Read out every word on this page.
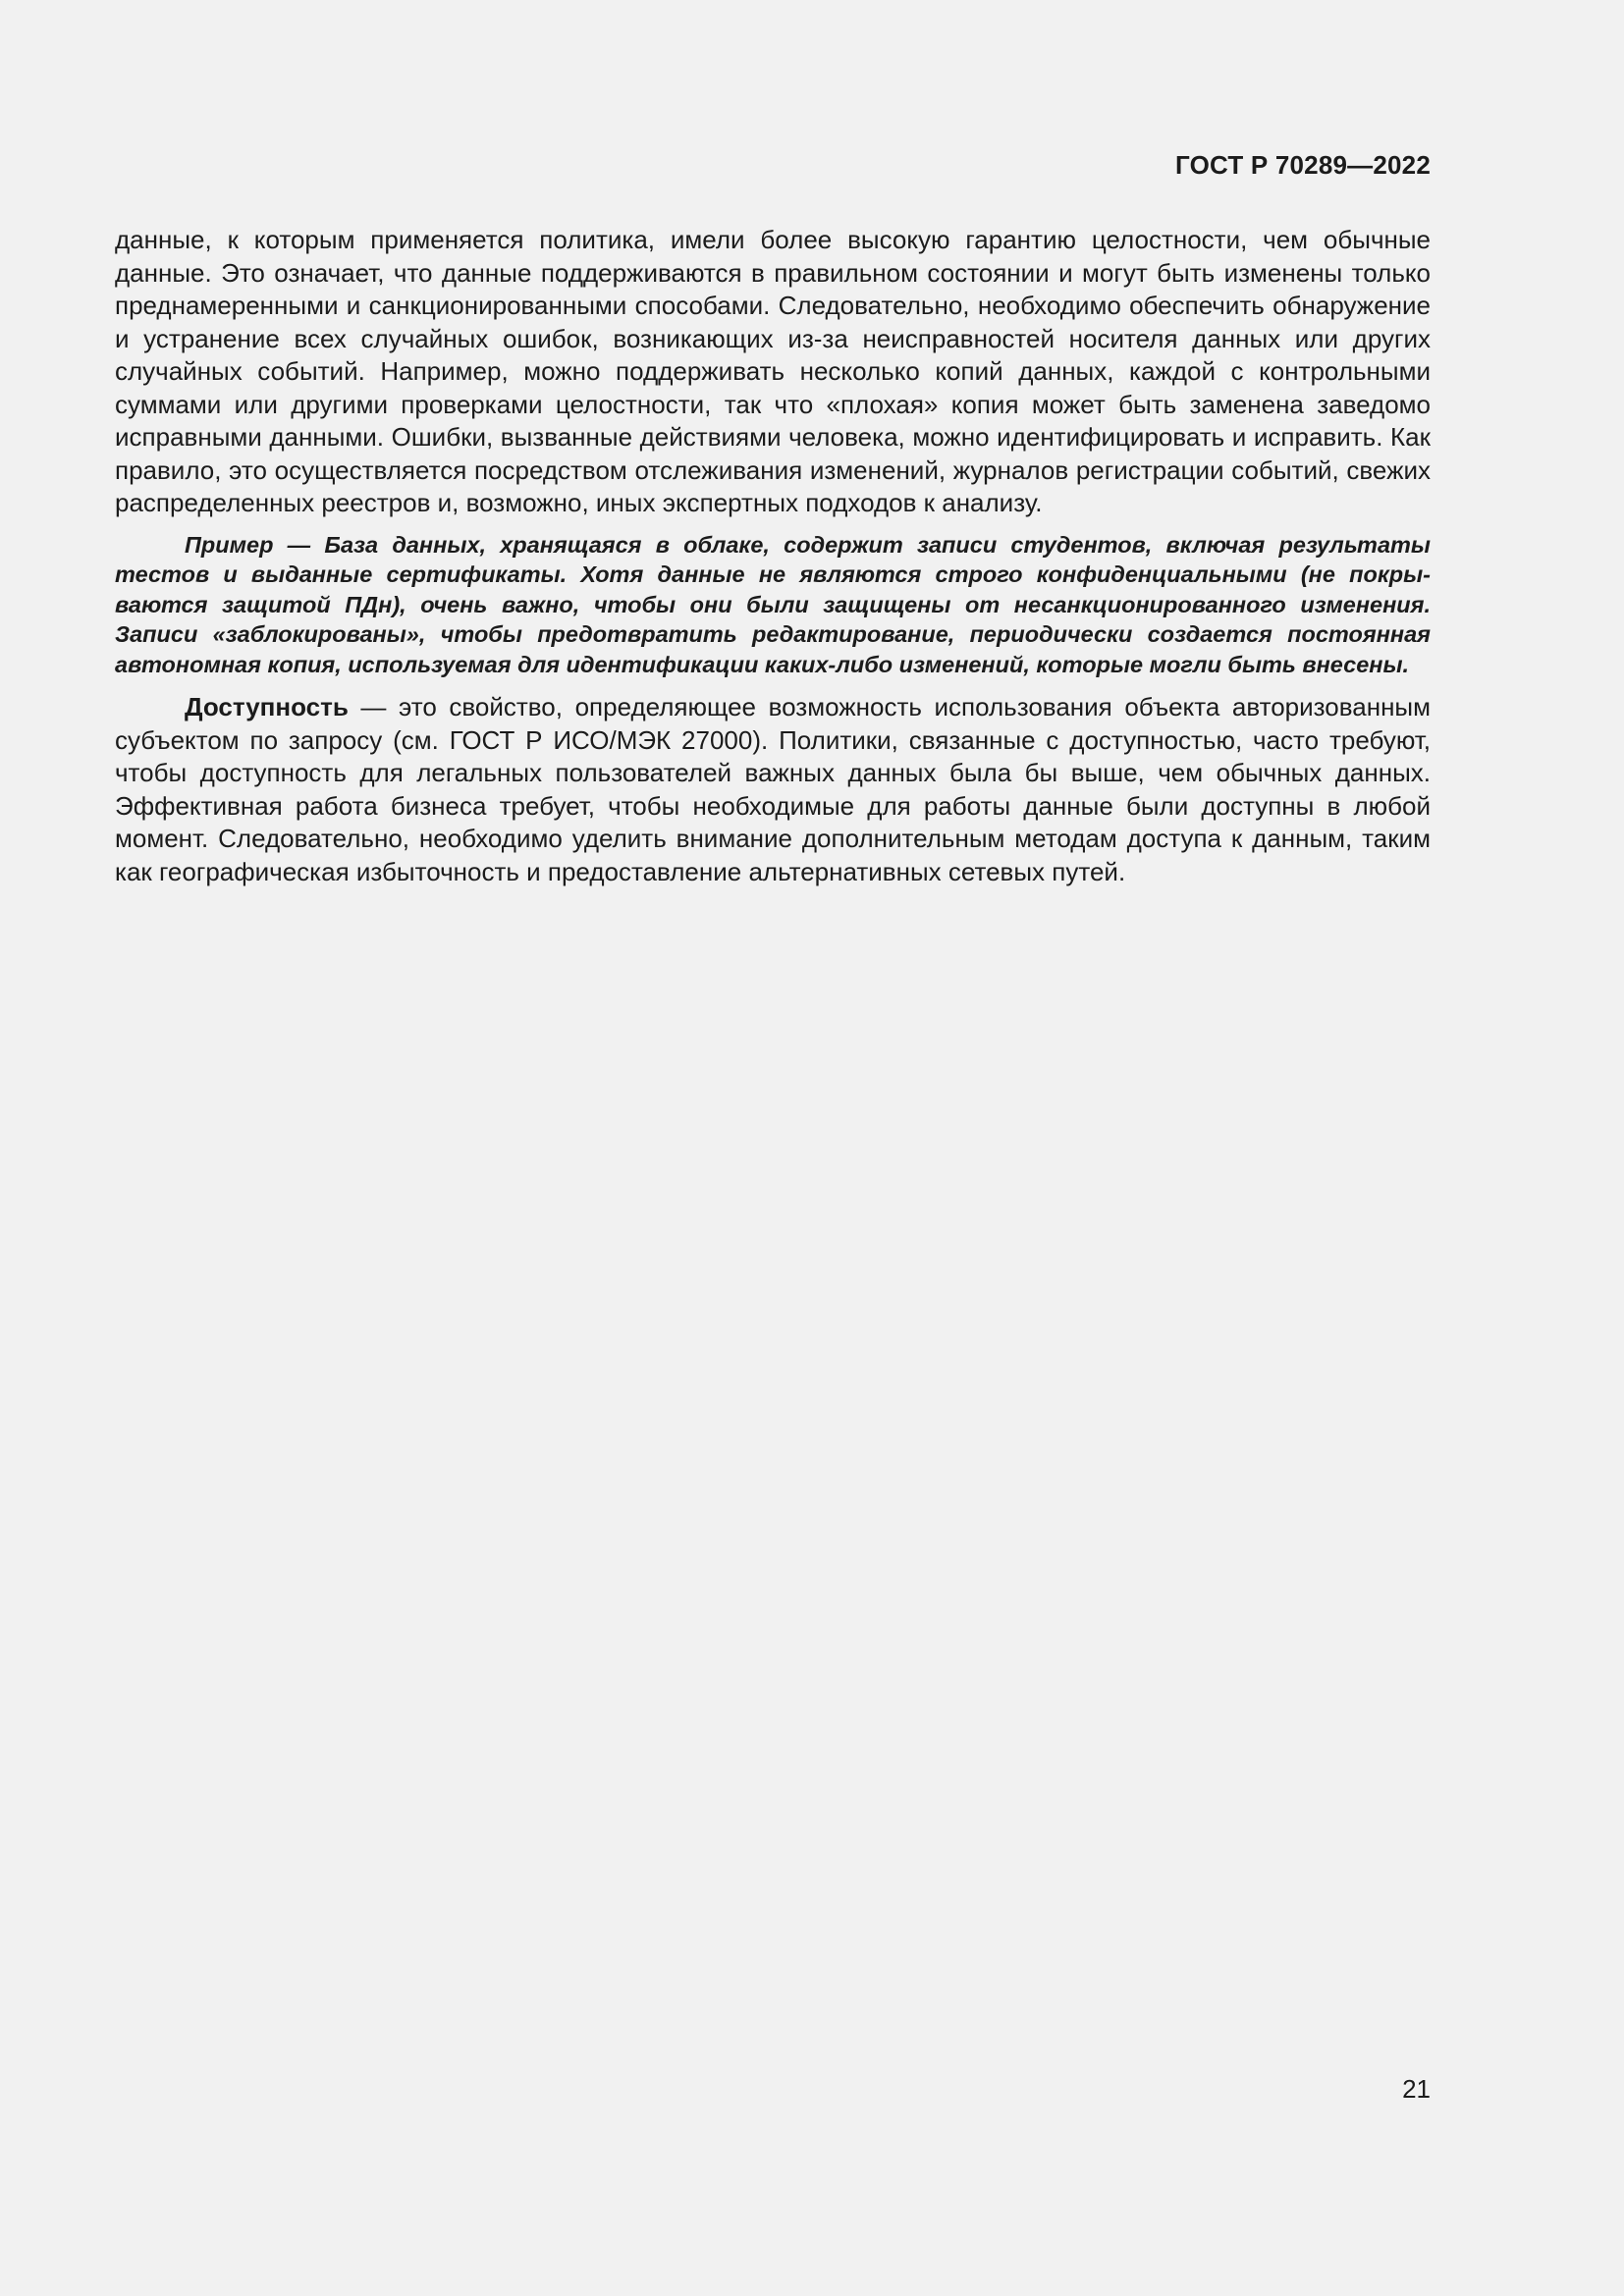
ГОСТ Р 70289—2022

данные, к которым применяется политика, имели более высокую гарантию целостности, чем обычные данные. Это означает, что данные поддерживаются в правильном состоянии и могут быть изменены только преднамеренными и санкционированными способами. Следовательно, необходимо обеспечить обнаружение и устранение всех случайных ошибок, возникающих из-за неисправностей носителя данных или других случайных событий. Например, можно поддерживать несколько копий данных, каждой с контрольными суммами или другими проверками целостности, так что «плохая» копия может быть заменена заведомо исправными данными. Ошибки, вызванные действиями человека, можно идентифицировать и исправить. Как правило, это осуществляется посредством отслеживания изменений, журналов регистрации событий, свежих распределенных реестров и, возможно, иных экспертных подходов к анализу.

Пример — База данных, хранящаяся в облаке, содержит записи студентов, включая результаты тестов и выданные сертификаты. Хотя данные не являются строго конфиденциальными (не покрываются защитой ПДн), очень важно, чтобы они были защищены от несанкционированного изменения. Записи «заблокированы», чтобы предотвратить редактирование, периодически создается постоянная автономная копия, используемая для идентификации каких-либо изменений, которые могли быть внесены.

Доступность — это свойство, определяющее возможность использования объекта авторизованным субъектом по запросу (см. ГОСТ Р ИСО/МЭК 27000). Политики, связанные с доступностью, часто требуют, чтобы доступность для легальных пользователей важных данных была бы выше, чем обычных данных. Эффективная работа бизнеса требует, чтобы необходимые для работы данные были доступны в любой момент. Следовательно, необходимо уделить внимание дополнительным методам доступа к данным, таким как географическая избыточность и предоставление альтернативных сетевых путей.

21
